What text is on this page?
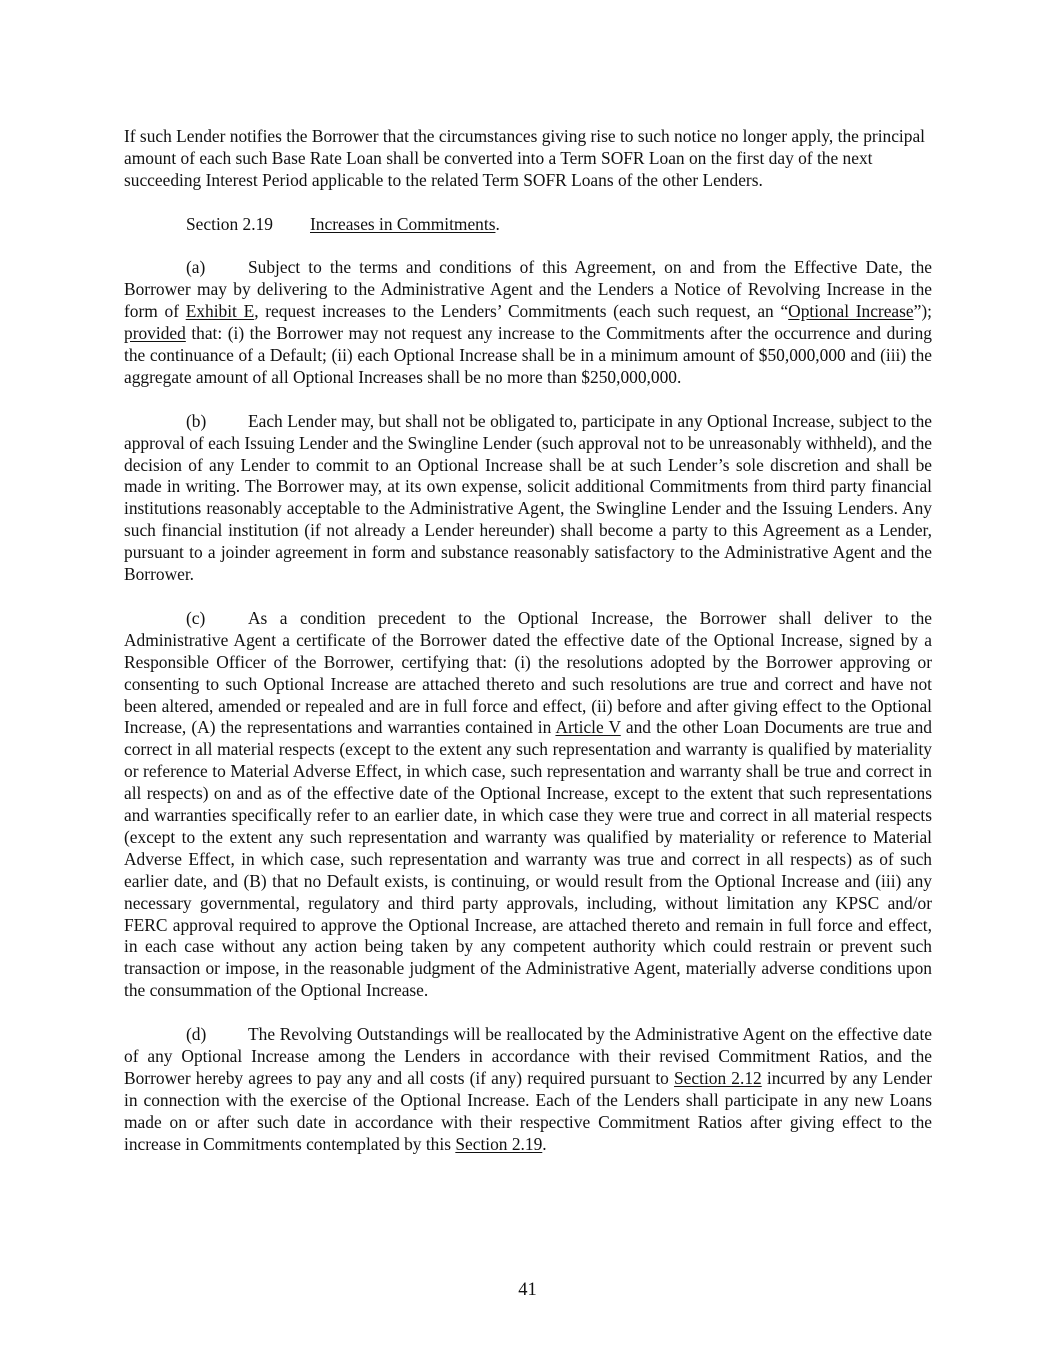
If such Lender notifies the Borrower that the circumstances giving rise to such notice no longer apply, the principal amount of each such Base Rate Loan shall be converted into a Term SOFR Loan on the first day of the next succeeding Interest Period applicable to the related Term SOFR Loans of the other Lenders.

Section 2.19 Increases in Commitments.

(a) Subject to the terms and conditions of this Agreement, on and from the Effective Date, the Borrower may by delivering to the Administrative Agent and the Lenders a Notice of Revolving Increase in the form of Exhibit E, request increases to the Lenders’ Commitments (each such request, an “Optional Increase”); provided that: (i) the Borrower may not request any increase to the Commitments after the occurrence and during the continuance of a Default; (ii) each Optional Increase shall be in a minimum amount of $50,000,000 and (iii) the aggregate amount of all Optional Increases shall be no more than $250,000,000.

(b) Each Lender may, but shall not be obligated to, participate in any Optional Increase, subject to the approval of each Issuing Lender and the Swingline Lender (such approval not to be unreasonably withheld), and the decision of any Lender to commit to an Optional Increase shall be at such Lender’s sole discretion and shall be made in writing. The Borrower may, at its own expense, solicit additional Commitments from third party financial institutions reasonably acceptable to the Administrative Agent, the Swingline Lender and the Issuing Lenders. Any such financial institution (if not already a Lender hereunder) shall become a party to this Agreement as a Lender, pursuant to a joinder agreement in form and substance reasonably satisfactory to the Administrative Agent and the Borrower.

(c) As a condition precedent to the Optional Increase, the Borrower shall deliver to the Administrative Agent a certificate of the Borrower dated the effective date of the Optional Increase, signed by a Responsible Officer of the Borrower, certifying that: (i) the resolutions adopted by the Borrower approving or consenting to such Optional Increase are attached thereto and such resolutions are true and correct and have not been altered, amended or repealed and are in full force and effect, (ii) before and after giving effect to the Optional Increase, (A) the representations and warranties contained in Article V and the other Loan Documents are true and correct in all material respects (except to the extent any such representation and warranty is qualified by materiality or reference to Material Adverse Effect, in which case, such representation and warranty shall be true and correct in all respects) on and as of the effective date of the Optional Increase, except to the extent that such representations and warranties specifically refer to an earlier date, in which case they were true and correct in all material respects (except to the extent any such representation and warranty was qualified by materiality or reference to Material Adverse Effect, in which case, such representation and warranty was true and correct in all respects) as of such earlier date, and (B) that no Default exists, is continuing, or would result from the Optional Increase and (iii) any necessary governmental, regulatory and third party approvals, including, without limitation any KPSC and/or FERC approval required to approve the Optional Increase, are attached thereto and remain in full force and effect, in each case without any action being taken by any competent authority which could restrain or prevent such transaction or impose, in the reasonable judgment of the Administrative Agent, materially adverse conditions upon the consummation of the Optional Increase.

(d) The Revolving Outstandings will be reallocated by the Administrative Agent on the effective date of any Optional Increase among the Lenders in accordance with their revised Commitment Ratios, and the Borrower hereby agrees to pay any and all costs (if any) required pursuant to Section 2.12 incurred by any Lender in connection with the exercise of the Optional Increase. Each of the Lenders shall participate in any new Loans made on or after such date in accordance with their respective Commitment Ratios after giving effect to the increase in Commitments contemplated by this Section 2.19.

41
